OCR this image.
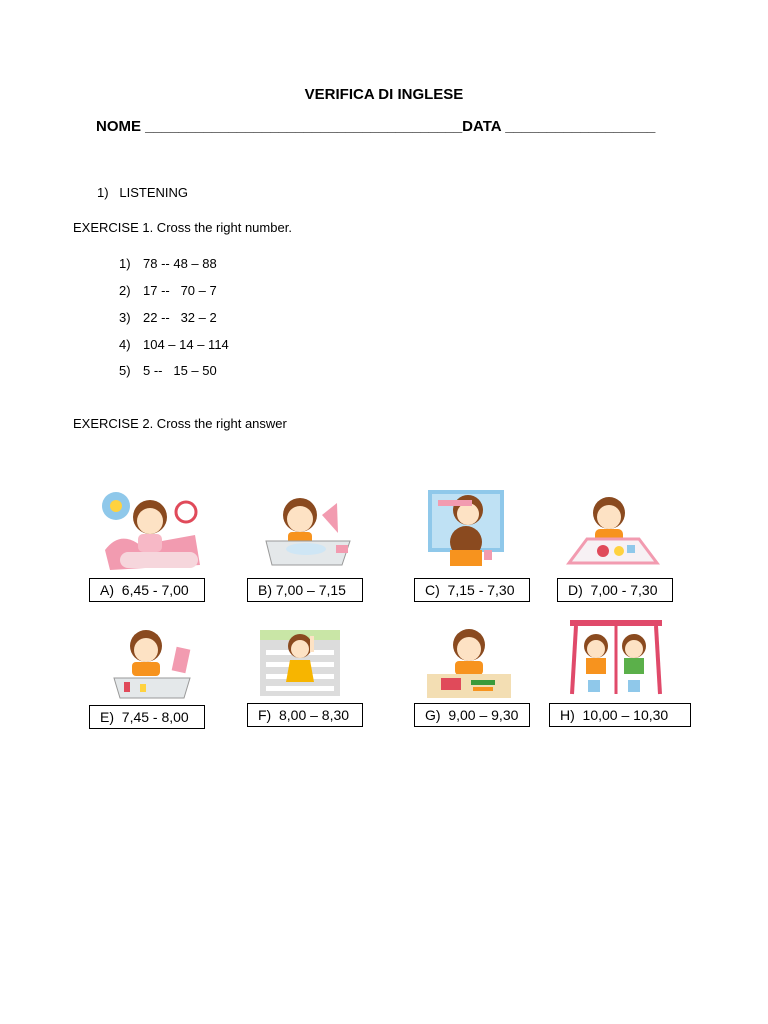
VERIFICA DI INGLESE
NOME ______________________________________DATA __________________
1)   LISTENING
EXERCISE 1. Cross the right number.
1) 78 -- 48 – 88
2) 17 --   70 – 7
3) 22 --   32 – 2
4) 104 – 14 – 114
5) 5 --   15 – 50
EXERCISE 2. Cross the right answer
A)  6,45 - 7,00	B) 7,00 – 7,15	C)  7,15 - 7,30	D)  7,00 - 7,30
E)  7,45 - 8,00	F)  8,00 – 8,30	G)  9,00 – 9,30	H)  10,00 – 10,30
